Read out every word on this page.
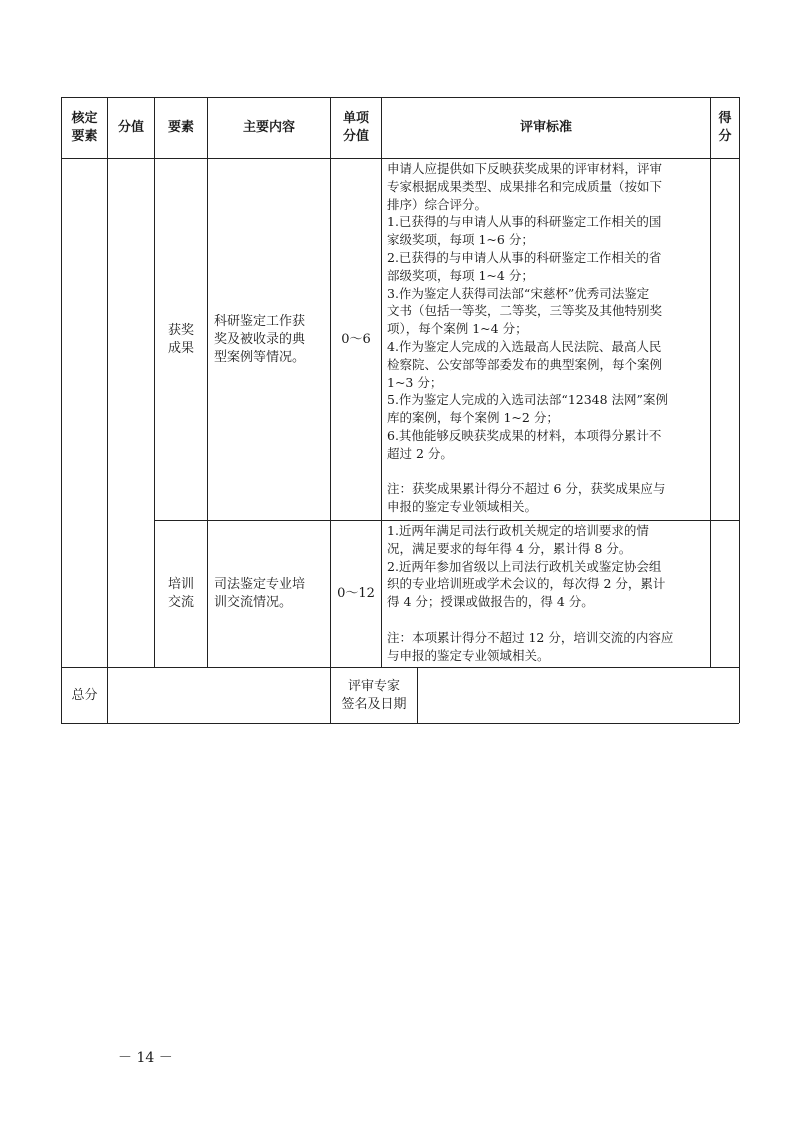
核定
要素
分值	要素	主要内容
单项
分值
评审标准
得
分
获奖
成果
科研鉴定工作获
奖及被收录的典
型案例等情况。
0～6
申请人应提供如下反映获奖成果的评审材料，评审
专家根据成果类型、成果排名和完成质量（按如下
排序）综合评分。
1.已获得的与申请人从事的科研鉴定工作相关的国
家级奖项，每项 1~6 分；
2.已获得的与申请人从事的科研鉴定工作相关的省
部级奖项，每项 1~4 分；
3.作为鉴定人获得司法部“宋慈杯”优秀司法鉴定
文书（包括一等奖，二等奖，三等奖及其他特别奖
项），每个案例 1~4 分；
4.作为鉴定人完成的入选最高人民法院、最高人民
检察院、公安部等部委发布的典型案例，每个案例
1~3 分；
5.作为鉴定人完成的入选司法部“12348 法网”案例
库的案例，每个案例 1~2 分；
6.其他能够反映获奖成果的材料，本项得分累计不
超过 2 分。
注：获奖成果累计得分不超过 6 分，获奖成果应与
申报的鉴定专业领域相关。
培训
交流
司法鉴定专业培
训交流情况。
0～12
1.近两年满足司法行政机关规定的培训要求的情
况，满足要求的每年得 4 分，累计得 8 分。
2.近两年参加省级以上司法行政机关或鉴定协会组
织的专业培训班或学术会议的，每次得 2 分，累计
得 4 分；授课或做报告的，得 4 分。
注：本项累计得分不超过 12 分，培训交流的内容应
与申报的鉴定专业领域相关。
总分
评审专家
签名及日期
－ 14 －
